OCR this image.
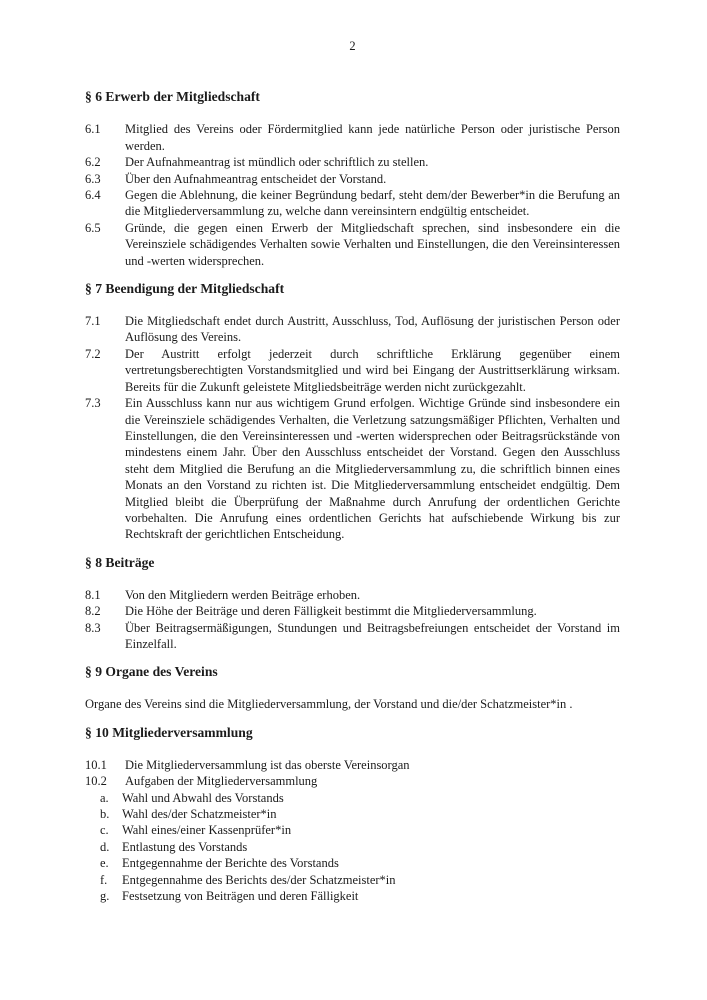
2
§ 6 Erwerb der Mitgliedschaft
6.1 Mitglied des Vereins oder Fördermitglied kann jede natürliche Person oder juristische Person werden.
6.2 Der Aufnahmeantrag ist mündlich oder schriftlich zu stellen.
6.3 Über den Aufnahmeantrag entscheidet der Vorstand.
6.4 Gegen die Ablehnung, die keiner Begründung bedarf, steht dem/der Bewerber*in die Berufung an die Mitgliederversammlung zu, welche dann vereinsintern endgültig entscheidet.
6.5 Gründe, die gegen einen Erwerb der Mitgliedschaft sprechen, sind insbesondere ein die Vereinsziele schädigendes Verhalten sowie Verhalten und Einstellungen, die den Vereinsinteressen und -werten widersprechen.
§ 7 Beendigung der Mitgliedschaft
7.1 Die Mitgliedschaft endet durch Austritt, Ausschluss, Tod, Auflösung der juristischen Person oder Auflösung des Vereins.
7.2 Der Austritt erfolgt jederzeit durch schriftliche Erklärung gegenüber einem vertretungsberechtigten Vorstandsmitglied und wird bei Eingang der Austrittserklärung wirksam. Bereits für die Zukunft geleistete Mitgliedsbeiträge werden nicht zurückgezahlt.
7.3 Ein Ausschluss kann nur aus wichtigem Grund erfolgen. Wichtige Gründe sind insbesondere ein die Vereinsziele schädigendes Verhalten, die Verletzung satzungsmäßiger Pflichten, Verhalten und Einstellungen, die den Vereinsinteressen und -werten widersprechen oder Beitragsrückstände von mindestens einem Jahr. Über den Ausschluss entscheidet der Vorstand. Gegen den Ausschluss steht dem Mitglied die Berufung an die Mitgliederversammlung zu, die schriftlich binnen eines Monats an den Vorstand zu richten ist. Die Mitgliederversammlung entscheidet endgültig. Dem Mitglied bleibt die Überprüfung der Maßnahme durch Anrufung der ordentlichen Gerichte vorbehalten. Die Anrufung eines ordentlichen Gerichts hat aufschiebende Wirkung bis zur Rechtskraft der gerichtlichen Entscheidung.
§ 8 Beiträge
8.1 Von den Mitgliedern werden Beiträge erhoben.
8.2 Die Höhe der Beiträge und deren Fälligkeit bestimmt die Mitgliederversammlung.
8.3 Über Beitragsermäßigungen, Stundungen und Beitragsbefreiungen entscheidet der Vorstand im Einzelfall.
§ 9 Organe des Vereins
Organe des Vereins sind die Mitgliederversammlung, der Vorstand und die/der Schatzmeister*in .
§ 10 Mitgliederversammlung
10.1 Die Mitgliederversammlung ist das oberste Vereinsorgan
10.2 Aufgaben der Mitgliederversammlung
a. Wahl und Abwahl des Vorstands
b. Wahl des/der Schatzmeister*in
c. Wahl eines/einer Kassenprüfer*in
d. Entlastung des Vorstands
e. Entgegennahme der Berichte des Vorstands
f. Entgegennahme des Berichts des/der Schatzmeister*in
g. Festsetzung von Beiträgen und deren Fälligkeit
